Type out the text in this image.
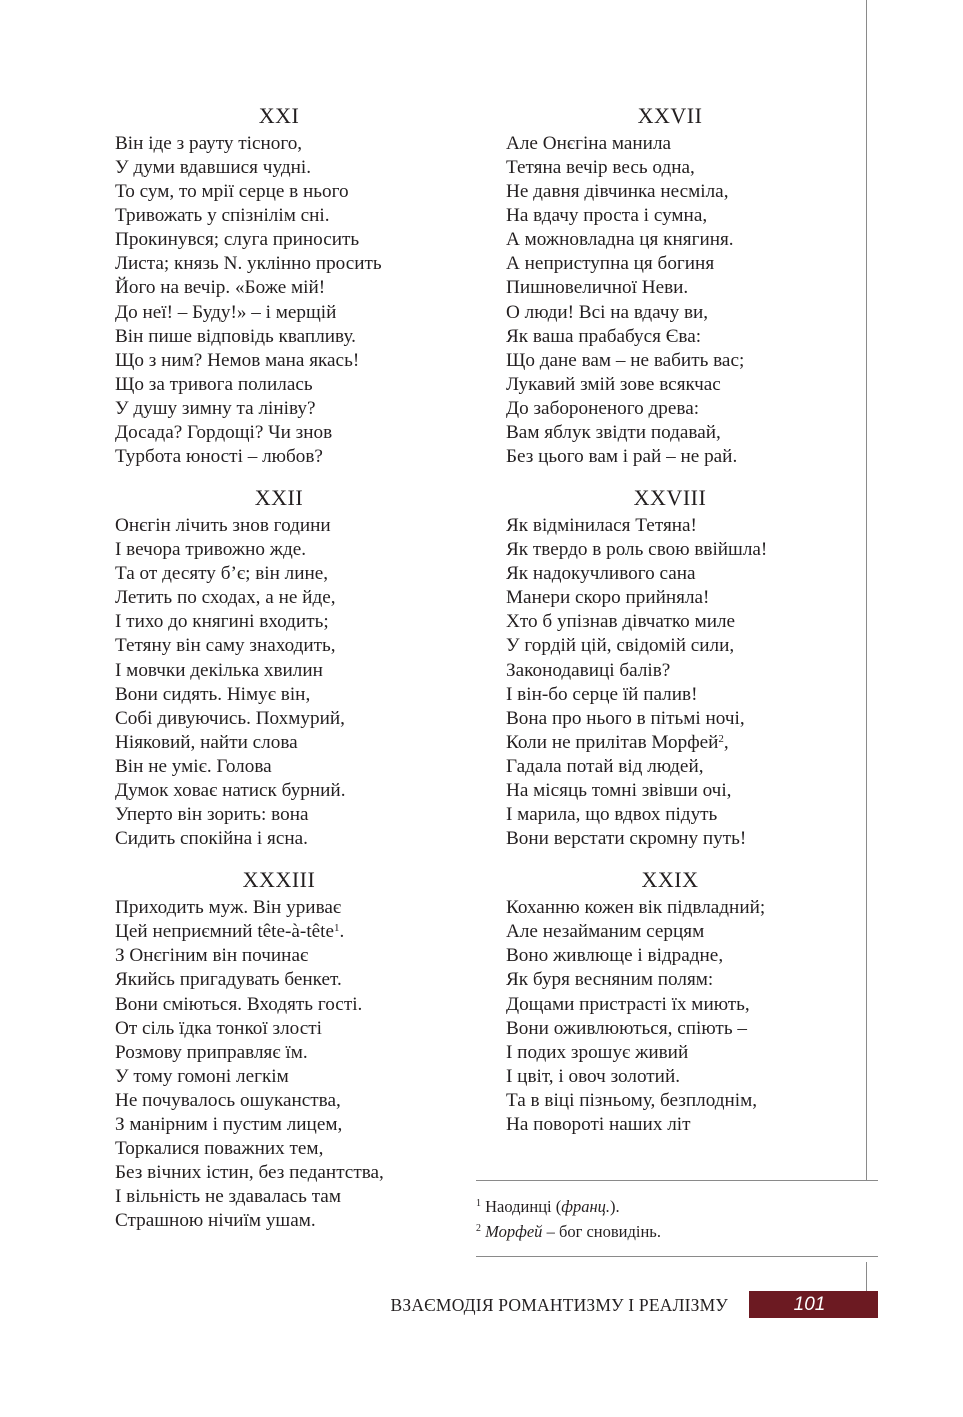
XXI
Він іде з рауту тісного,
У думи вдавшися чудні.
То сум, то мрії серце в нього
Тривожать у спізнілім сні.
Прокинувся; слуга приносить
Листа; князь N. уклінно просить
Його на вечір. «Боже мій!
До неї! – Буду!» – і мерщій
Він пише відповідь квапливу.
Що з ним? Немов мана якась!
Що за тривога полилась
У душу зимну та лініву?
Досада? Гордощі? Чи знов
Турбота юності – любов?
XXII
Онєгін лічить знов години
І вечора тривожно жде.
Та от десяту б’є; він лине,
Летить по сходах, а не йде,
І тихо до княгині входить;
Тетяну він саму знаходить,
І мовчки декілька хвилин
Вони сидять. Німує він,
Собі дивуючись. Похмурий,
Ніяковий, найти слова
Він не уміє. Голова
Думок ховає натиск бурний.
Уперто він зорить: вона
Сидить спокійна і ясна.
XXXIII
Приходить муж. Він уриває
Цей неприємний tête-à-tête$^1$.
З Онєгіним він починає
Якийсь пригадувать бенкет.
Вони сміються. Входять гості.
От сіль їдка тонкої злості
Розмову приправляє їм.
У тому гомоні легкім
Не почувалось ошуканства,
З манірним і пустим лицем,
Торкалися поважних тем,
Без вічних істин, без педантства,
І вільність не здавалась там
Страшною нічиїм ушам.
XXVII
Але Онєгіна манила
Тетяна вечір весь одна,
Не давня дівчинка несміла,
На вдачу проста і сумна,
А можновладна ця княгиня.
А неприступна ця богиня
Пишновеличної Неви.
О люди! Всі на вдачу ви,
Як ваша прабабуся Єва:
Що дане вам – не вабить вас;
Лукавий змій зове всякчас
До забороненого древа:
Вам яблук звідти подавай,
Без цього вам і рай – не рай.
XXVIII
Як відмінилася Тетяна!
Як твердо в роль свою ввійшла!
Як надокучливого сана
Манери скоро прийняла!
Хто б упізнав дівчатко миле
У гордій цій, свідомій сили,
Законодавиці балів?
І він-бо серце їй палив!
Вона про нього в пітьмі ночі,
Коли не прилітав Морфей$^2$,
Гадала потай від людей,
На місяць томні звівши очі,
І марила, що вдвох підуть
Вони верстати скромну путь!
XXIX
Коханню кожен вік підвладний;
Але незайманим серцям
Воно живлюще і відрадне,
Як буря весняним полям:
Дощами пристрасті їх миють,
Вони оживлюються, спіють –
І подих зрошує живий
І цвіт, і овоч золотий.
Та в віці пізньому, безплоднім,
На повороті наших літ
$^1$ Наодинці (франц.).
$^2$ Морфей – бог сновидінь.
ВЗАЄМОДІЯ РОМАНТИЗМУ І РЕАЛІЗМУ	101
